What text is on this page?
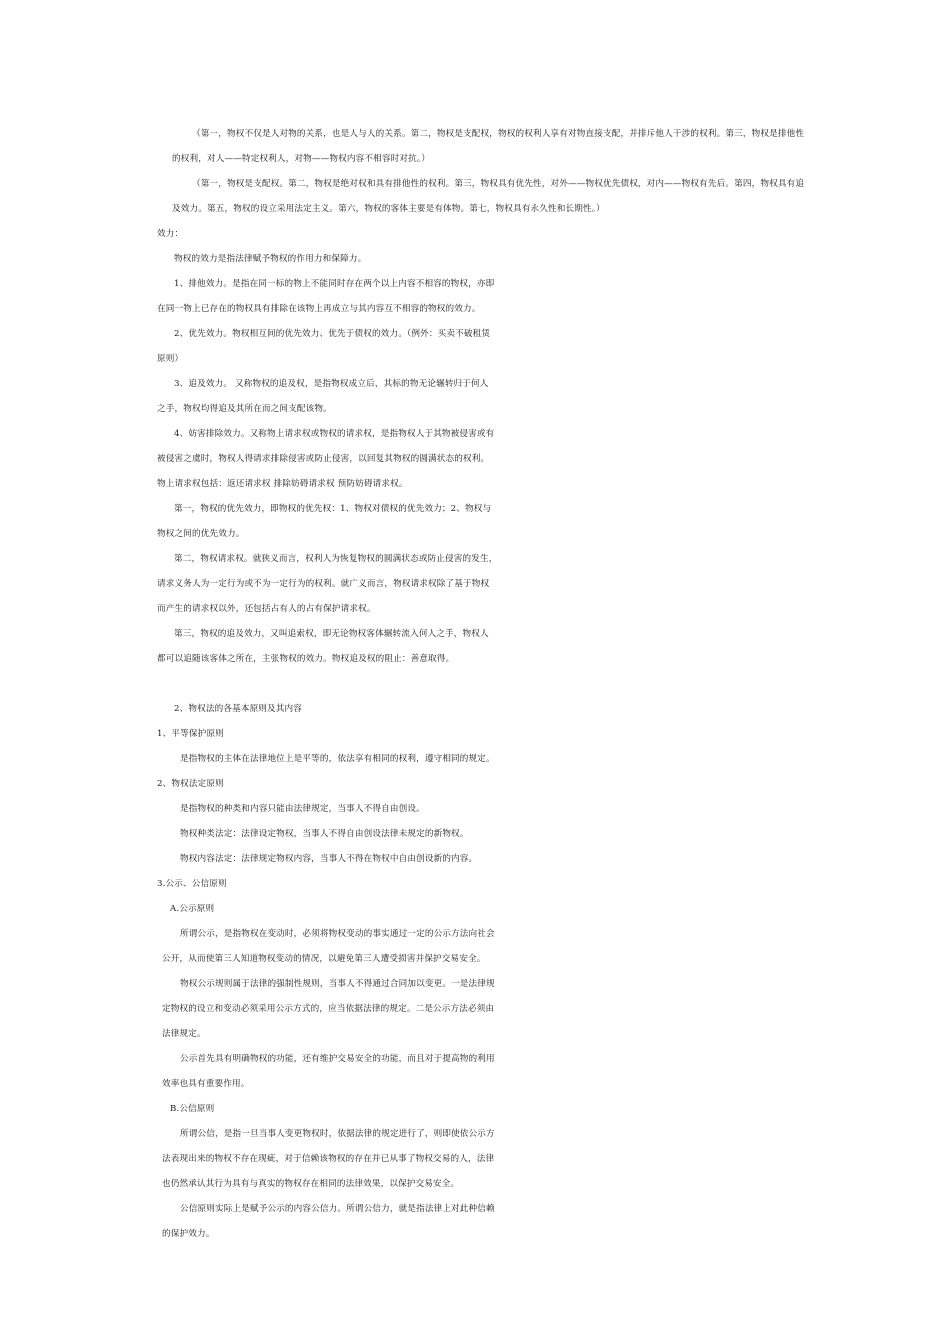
（第一，物权不仅是人对物的关系，也是人与人的关系。第二，物权是支配权，物权的权利人享有对物直接支配，并排斥他人干涉的权利。第三，物权是排他性
的权利，对人——特定权利人，对物——物权内容不相容时对抗。）
（第一，物权是支配权。第二，物权是绝对权和具有排他性的权利。第三，物权具有优先性，对外——物权优先债权，对内——物权有先后。第四，物权具有追
及效力。第五，物权的设立采用法定主义。第六，物权的客体主要是有体物。第七，物权具有永久性和长期性。）
效力：
物权的效力是指法律赋予物权的作用力和保障力。
1、排他效力。是指在同一标的物上不能同时存在两个以上内容不相容的物权，亦即
在同一物上已存在的物权具有排除在该物上再成立与其内容互不相容的物权的效力。
2、优先效力。物权相互间的优先效力、优先于债权的效力。（例外：买卖不破租赁
原则）
3、追及效力。 又称物权的追及权，是指物权成立后，其标的物无论辗转归于何人
之手，物权均得追及其所在而之间支配该物。
4、妨害排除效力。又称物上请求权或物权的请求权，是指物权人于其物被侵害或有
被侵害之虞时，物权人得请求排除侵害或防止侵害，以回复其物权的圆满状态的权利。
物上请求权包括：返还请求权 排除妨碍请求权 预防妨碍请求权。
第一，物权的优先效力，即物权的优先权：1、物权对债权的优先效力；2、物权与
物权之间的优先效力。
第二，物权请求权。就狭义而言，权利人为恢复物权的圆满状态或防止侵害的发生，
请求义务人为一定行为或不为一定行为的权利。就广义而言，物权请求权除了基于物权
而产生的请求权以外，还包括占有人的占有保护请求权。
第三，物权的追及效力，又叫追索权，即无论物权客体辗转流入何人之手，物权人
都可以追随该客体之所在，主张物权的效力。物权追及权的阻止：善意取得。
2、物权法的各基本原则及其内容
1、平等保护原则
是指物权的主体在法律地位上是平等的，依法享有相同的权利，遵守相同的规定。
2、物权法定原则
是指物权的种类和内容只能由法律规定，当事人不得自由创设。
物权种类法定：法律设定物权，当事人不得自由创设法律未规定的新物权。
物权内容法定：法律规定物权内容，当事人不得在物权中自由创设新的内容。
3.公示、公信原则
A.公示原则
所谓公示，是指物权在变动时，必须将物权变动的事实通过一定的公示方法向社会
公开，从而使第三人知道物权变动的情况，以避免第三人遭受损害并保护交易安全。
物权公示规则属于法律的强制性规则，当事人不得通过合同加以变更。一是法律规
定物权的设立和变动必须采用公示方式的，应当依据法律的规定。二是公示方法必须由
法律规定。
公示首先具有明确物权的功能，还有维护交易安全的功能，而且对于提高物的利用
效率也具有重要作用。
B.公信原则
所谓公信，是指一旦当事人变更物权时，依据法律的规定进行了，则即使依公示方
法表现出来的物权不存在现疵，对于信赖该物权的存在并已从事了物权交易的人，法律
也仍然承认其行为具有与真实的物权存在相同的法律效果，以保护交易安全。
公信原则实际上是赋予公示的内容公信力。所谓公信力，就是指法律上对此种信赖
的保护效力。
